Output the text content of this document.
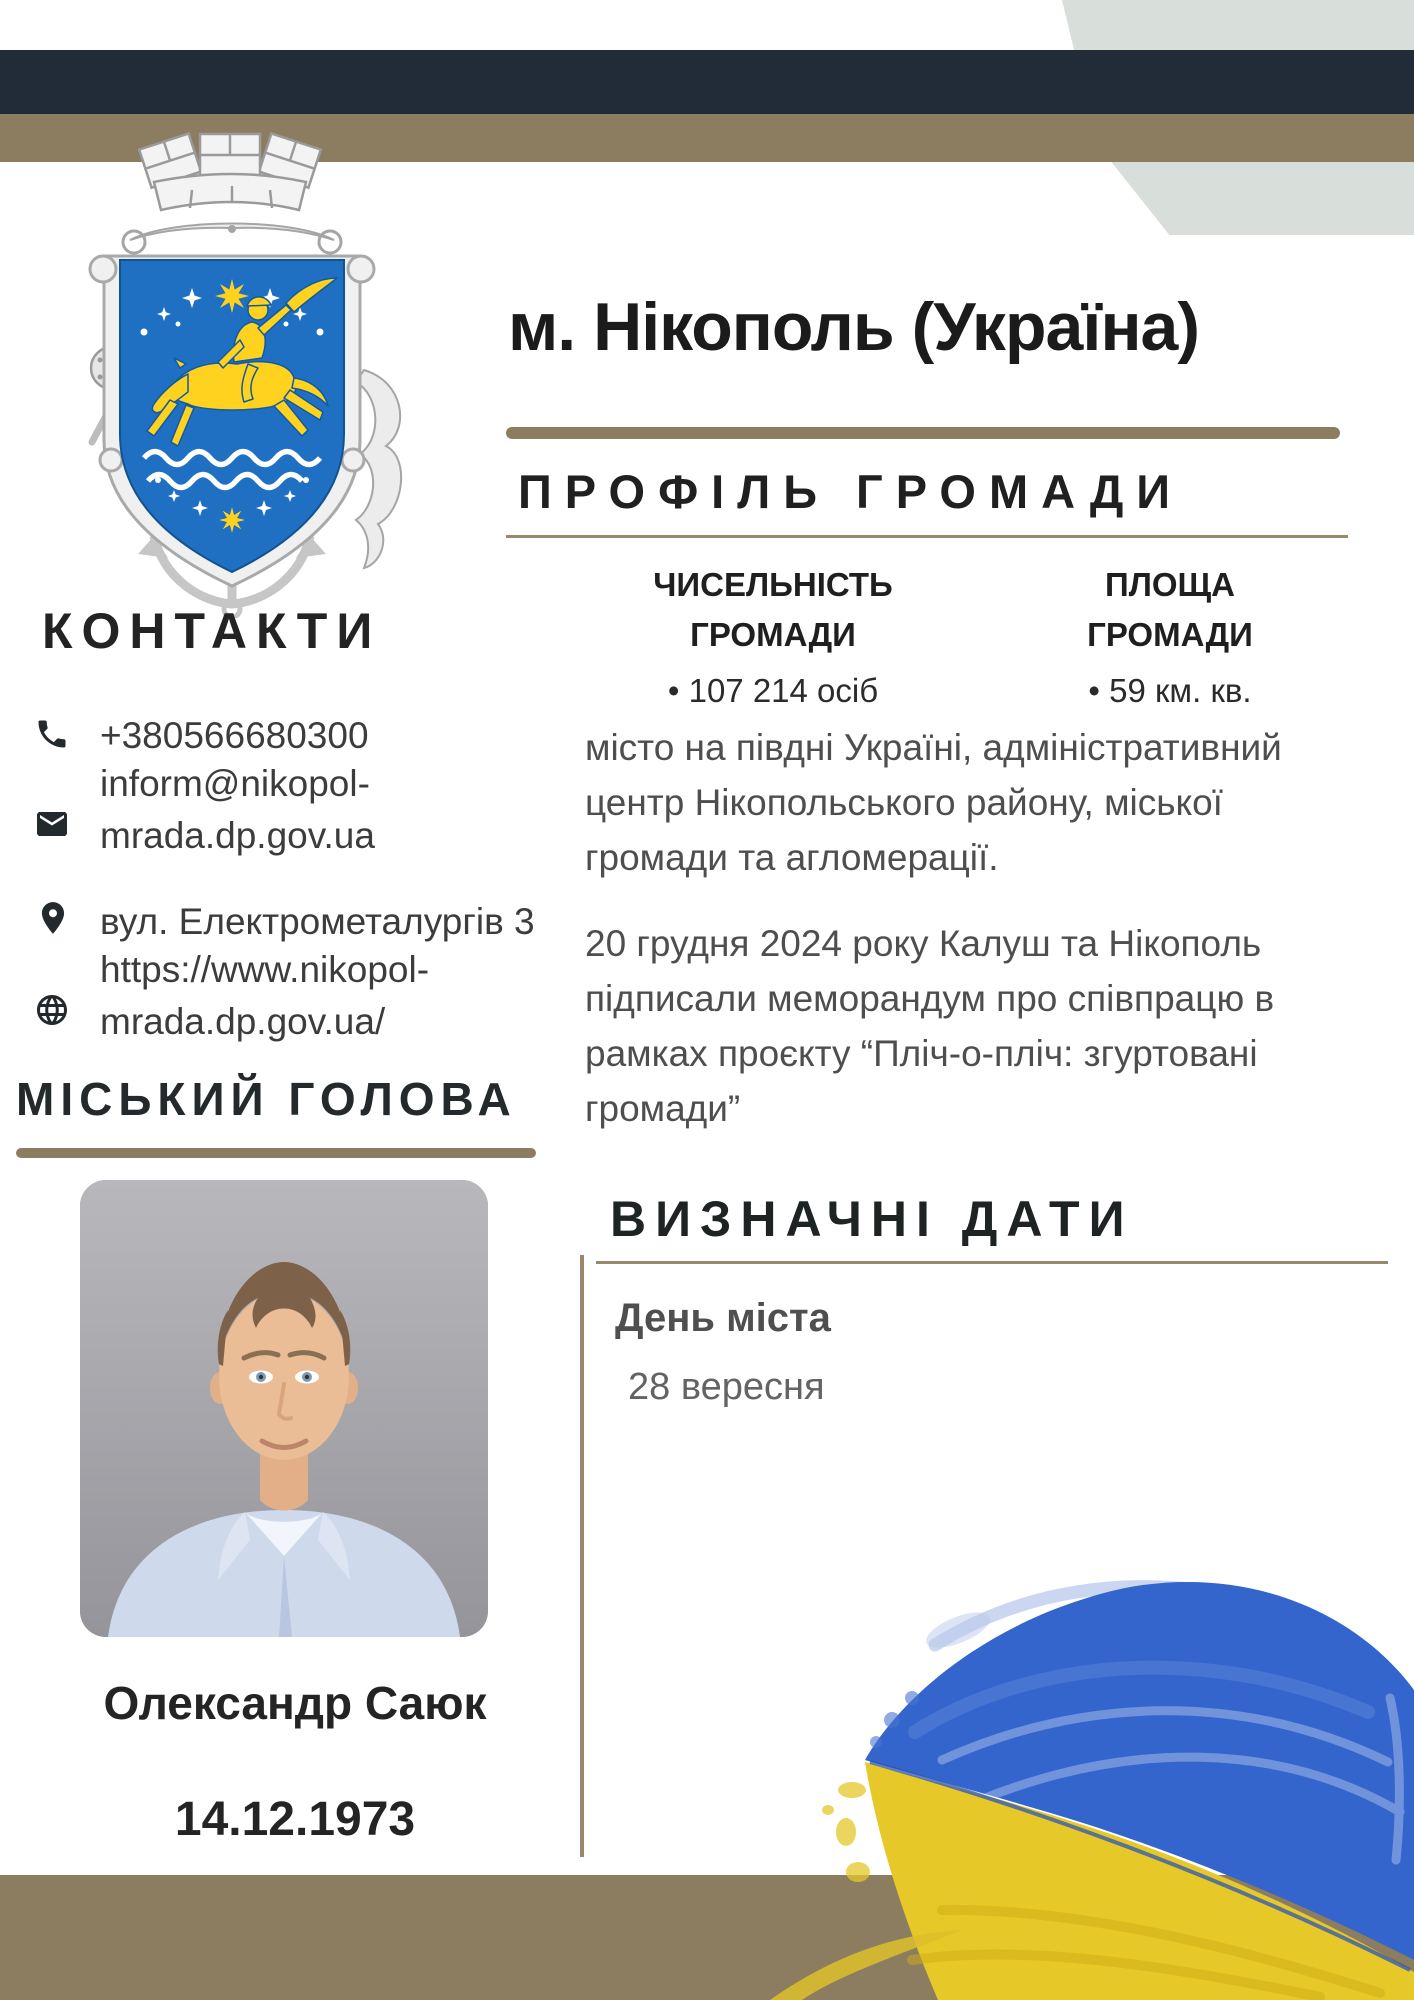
КОНТАКТИ
+380566680300
inform@nikopol-
mrada.dp.gov.ua
вул. Електрометалургів 3
https://www.nikopol-
mrada.dp.gov.ua/
МІСЬКИЙ ГОЛОВА
Олександр Саюк
14.12.1973
м. Нікополь (Україна)
ПРОФІЛЬ ГРОМАДИ
ЧИСЕЛЬНІСТЬ
ГРОМАДИ
• 107 214 осіб
ПЛОЩА
ГРОМАДИ
• 59 км. кв.

місто на півдні Україні, адміністративний центр Нікопольського району, міської громади та агломерації.

20 грудня 2024 року Калуш та Нікополь підписали меморандум про співпрацю в рамках проєкту “Пліч-о-пліч: згуртовані громади”

ВИЗНАЧНІ ДАТИ
День міста
28 вересня
